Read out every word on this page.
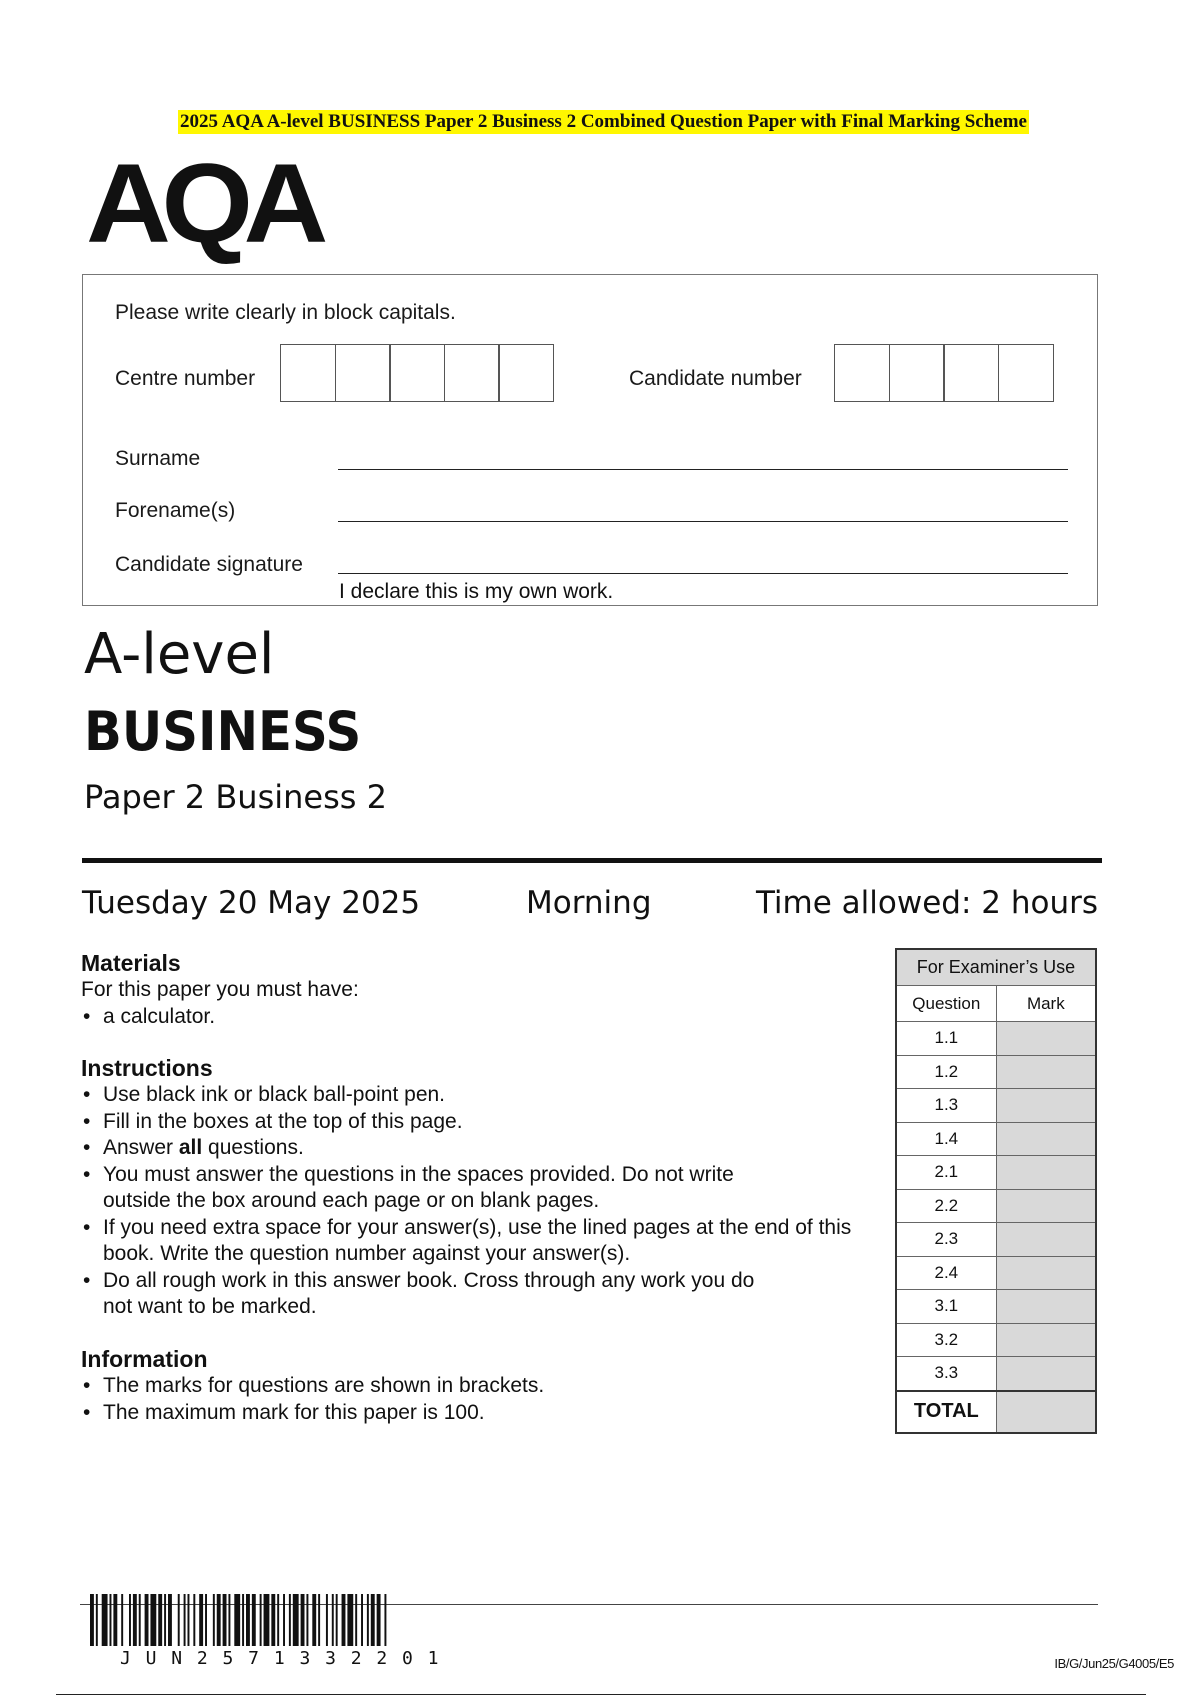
2025 AQA A-level BUSINESS Paper 2 Business 2 Combined Question Paper with Final Marking Scheme
AQA
Please write clearly in block capitals.
Centre number	Candidate number
Surname
Forename(s)
Candidate signature
I declare this is my own work.
A-level
BUSINESS
Paper 2 Business 2
Tuesday 20 May 2025	Morning	Time allowed: 2 hours
Materials
For this paper you must have:
• a calculator.
Instructions
• Use black ink or black ball-point pen.
• Fill in the boxes at the top of this page.
• Answer all questions.
• You must answer the questions in the spaces provided. Do not write outside the box around each page or on blank pages.
• If you need extra space for your answer(s), use the lined pages at the end of this book. Write the question number against your answer(s).
• Do all rough work in this answer book. Cross through any work you do not want to be marked.
Information
• The marks for questions are shown in brackets.
• The maximum mark for this paper is 100.
For Examiner’s Use	
Question	Mark
1.1	
1.2	
1.3	
1.4	
2.1	
2.2	
2.3	
2.4	
3.1	
3.2	
3.3	
TOTAL	
JUN2571332201	IB/G/Jun25/G4005/E5
